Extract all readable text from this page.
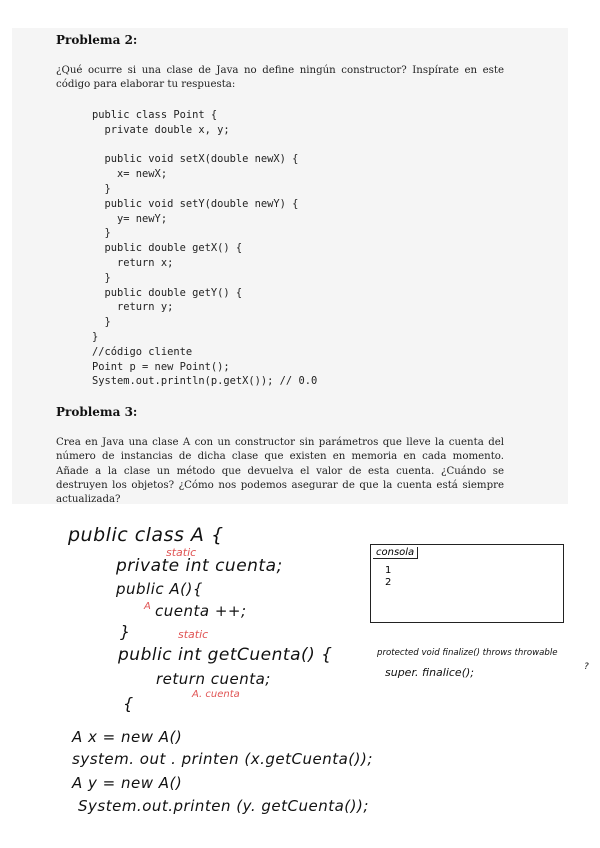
Problema 2:
¿Qué ocurre si una clase de Java no define ningún constructor? Inspírate en este código para elaborar tu respuesta:
public class Point {
private double x, y;
public void setX(double newX) {
x= newX;
}
public void setY(double newY) {
y= newY;
}
public double getX() {
return x;
}
public double getY() {
return y;
}
}
//código cliente
Point p = new Point();
System.out.println(p.getX()); // 0.0
Problema 3:
Crea en Java una clase A con un constructor sin parámetros que lleve la cuenta del número de instancias de dicha clase que existen en memoria en cada momento. Añade a la clase un método que devuelva el valor de esta cuenta. ¿Cuándo se destruyen los objetos? ¿Cómo nos podemos asegurar de que la cuenta está siempre actualizada?
public class A {
static
private int cuenta;
public A(){
A cuenta ++;
}	static
public int getCuenta() {
return cuenta;
A. cuenta
{
A x = new A()
system. out . printen (x.getCuenta());
A y = new A()
System.out.printen (y. getCuenta());
consola
1
2
protected void finalize() throws throwable
?
super. finalice();
